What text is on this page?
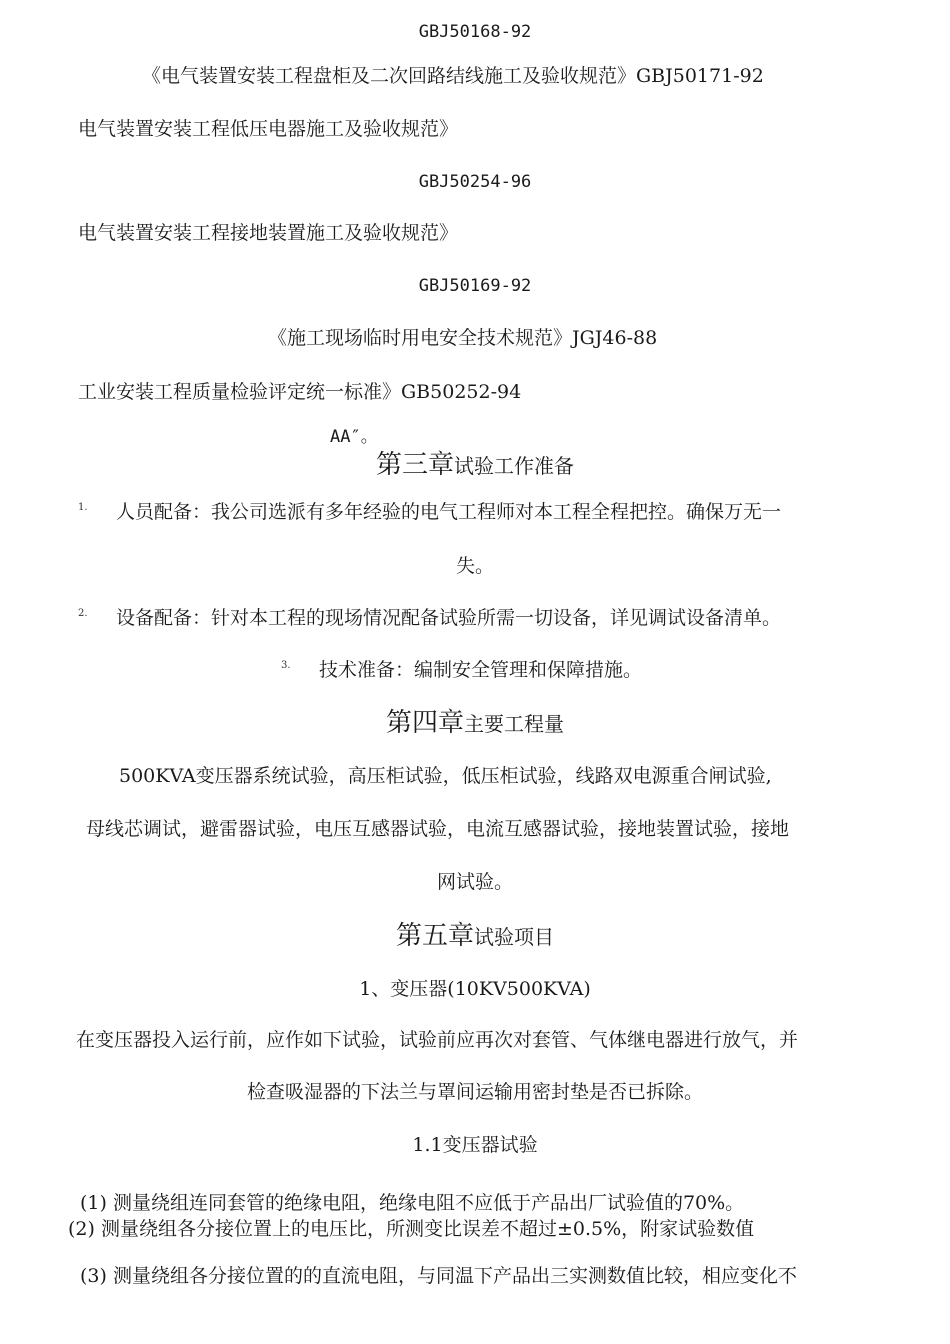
GBJ50168-92
《电气装置安装工程盘柜及二次回路结线施工及验收规范》GBJ50171-92
电气装置安装工程低压电器施工及验收规范》
GBJ50254-96
电气装置安装工程接地装置施工及验收规范》
GBJ50169-92
《施工现场临时用电安全技术规范》JGJ46-88
工业安装工程质量检验评定统一标准》GB50252-94
AA″。
第三章试验工作准备
1. 人员配备：我公司选派有多年经验的电气工程师对本工程全程把控。确保万无一
失。
2. 设备配备：针对本工程的现场情况配备试验所需一切设备，详见调试设备清单。
3. 技术准备：编制安全管理和保障措施。
第四章主要工程量
500KVA变压器系统试验，高压柜试验，低压柜试验，线路双电源重合闸试验,
母线芯调试，避雷器试验，电压互感器试验，电流互感器试验，接地装置试验，接地
网试验。
第五章试验项目
1、变压器(10KV500KVA)
在变压器投入运行前，应作如下试验，试验前应再次对套管、气体继电器进行放气，并
检查吸湿器的下法兰与罩间运输用密封垫是否已拆除。
1.1变压器试验
(1) 测量绕组连同套管的绝缘电阻，绝缘电阻不应低于产品出厂试验值的70%。
(2) 测量绕组各分接位置上的电压比，所测变比误差不超过±0.5%，附家试验数值
(3) 测量绕组各分接位置的的直流电阻，与同温下产品出三实测数值比较，相应变化不
